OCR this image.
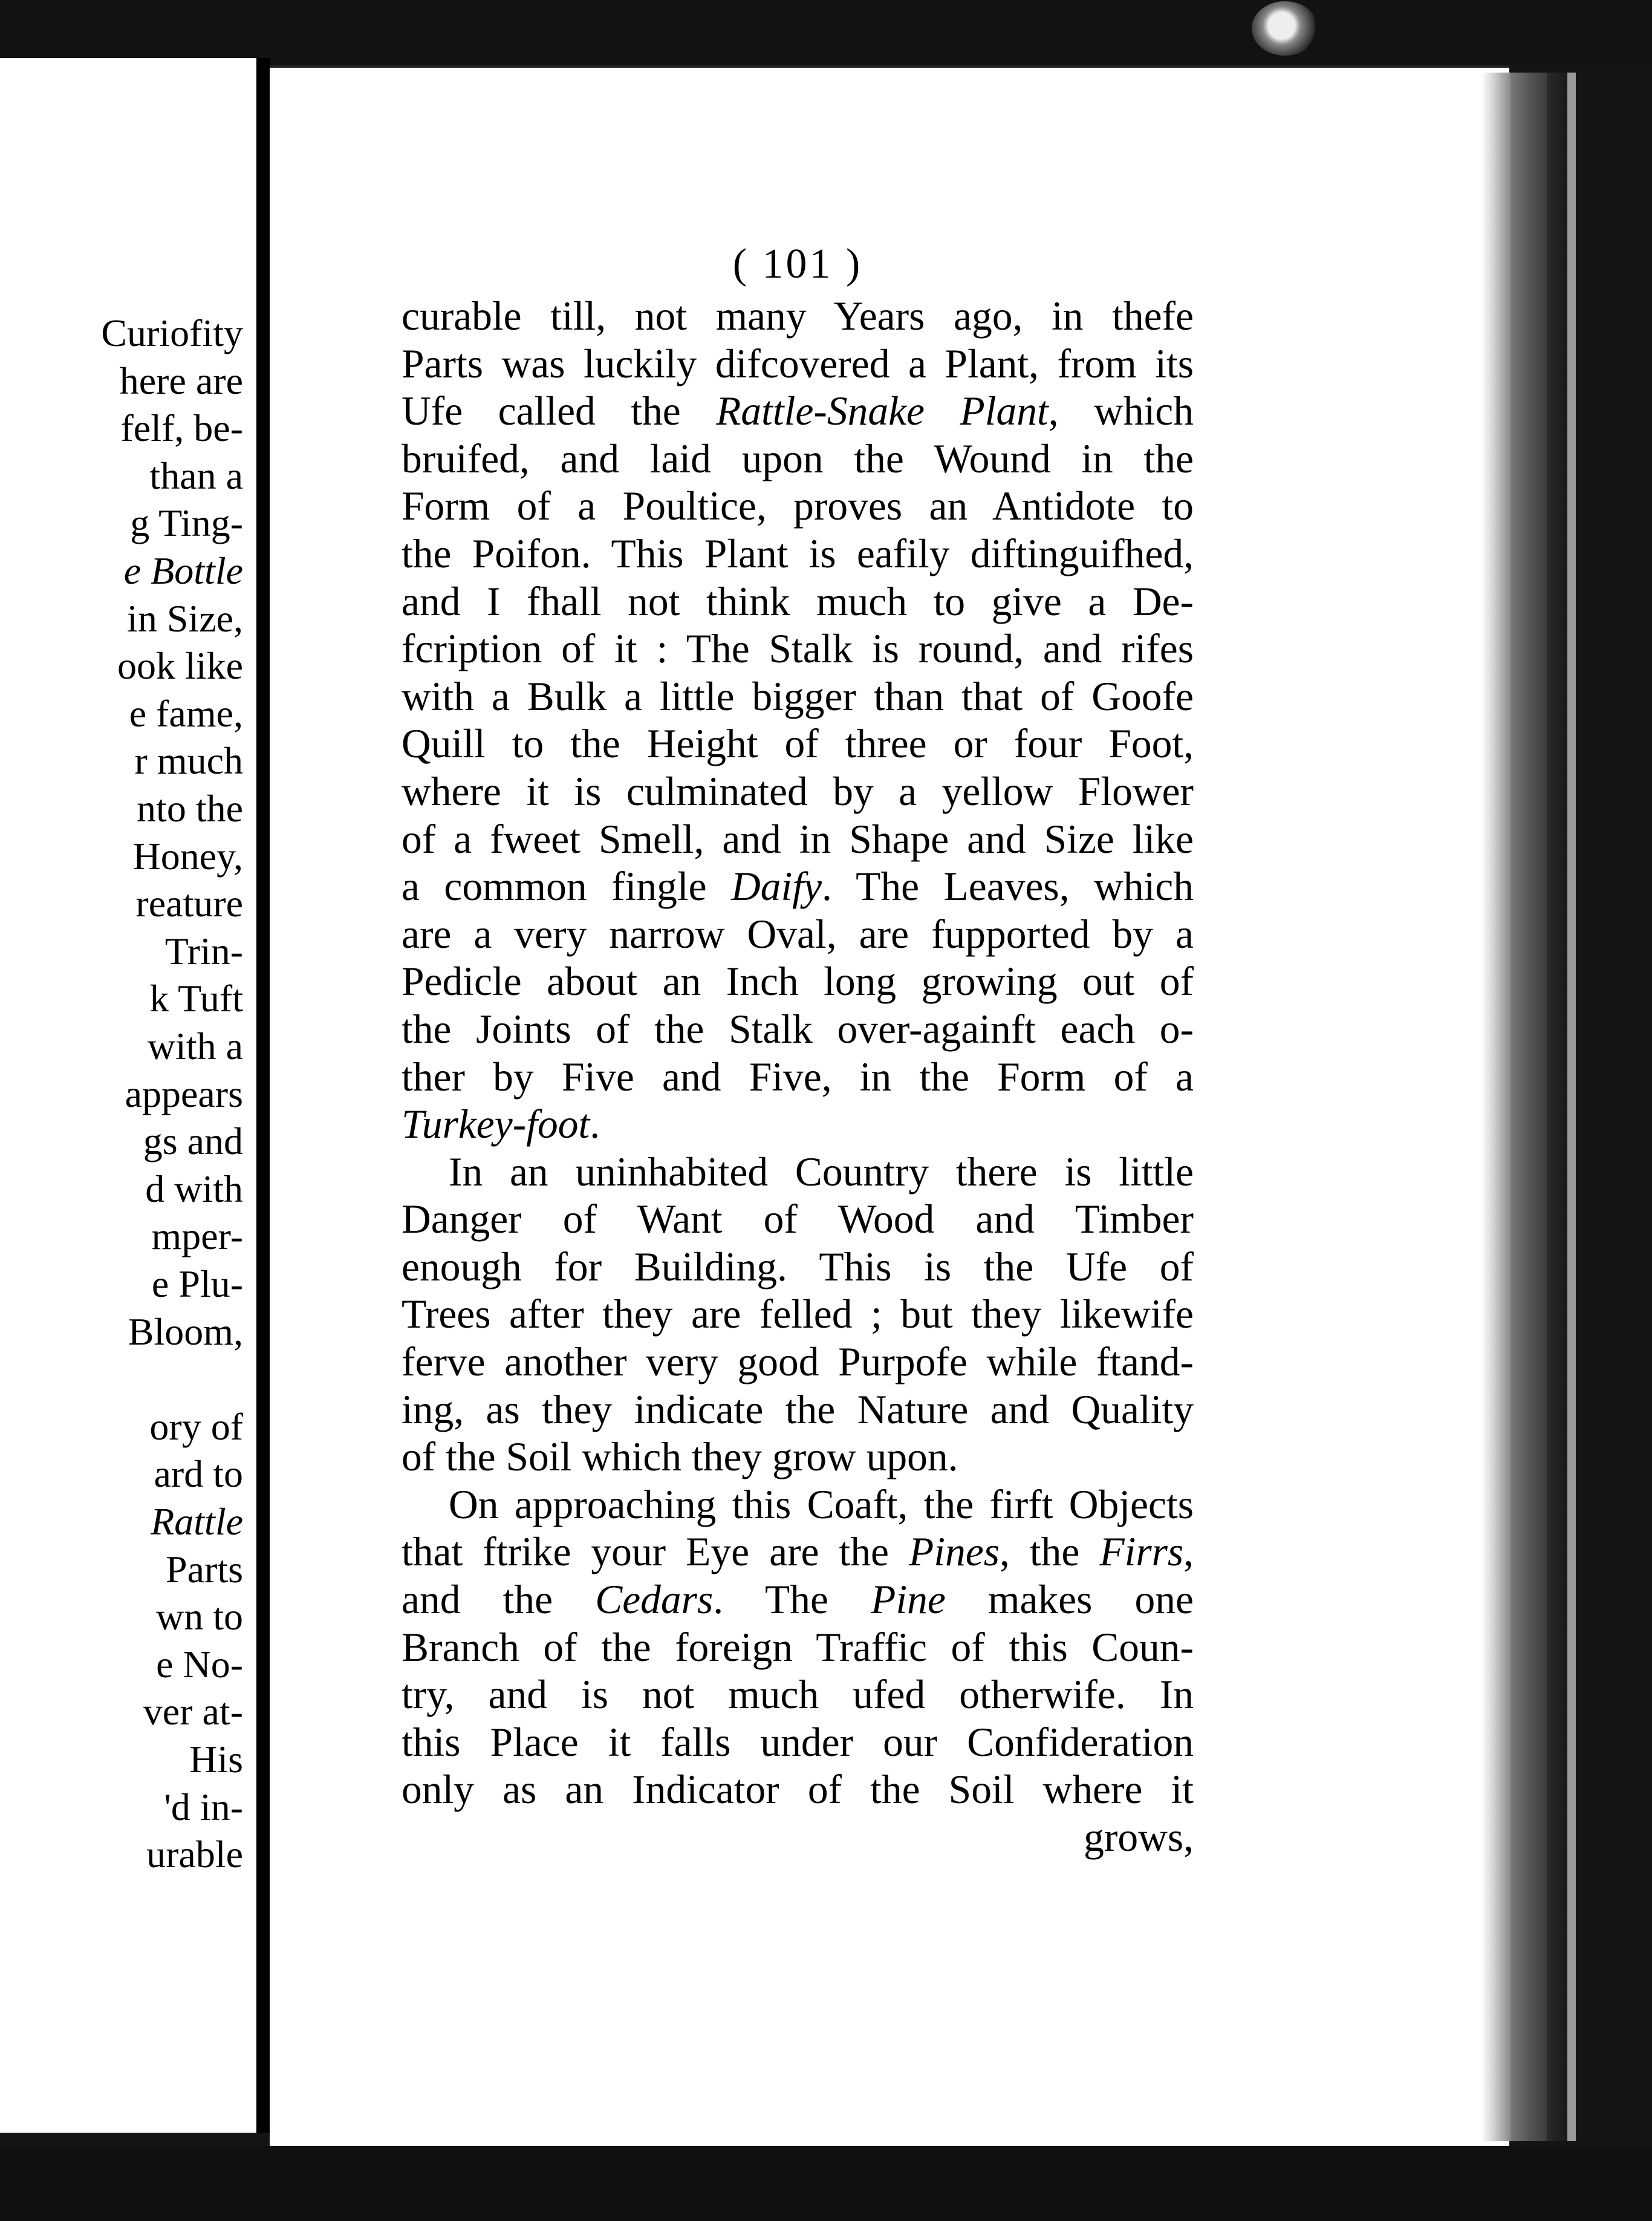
Curiofity
here are
felf, be-
than a
g Ting-
e Bottle
in Size,
ook like
e fame,
r much
nto the
Honey,
reature
Trin-
k Tuft
with a
appears
gs and
d with
mper-
e Plu-
Bloom,
ory of
ard to
Rattle
Parts
wn to
e No-
ver at-
His
'd in-
urable
( 101 )
curable till, not many Years ago, in thefe
Parts was luckily difcovered a Plant, from its
Ufe called the Rattle-Snake Plant, which
bruifed, and laid upon the Wound in the
Form of a Poultice, proves an Antidote to
the Poifon. This Plant is eafily diftinguifhed,
and I fhall not think much to give a De-
fcription of it : The Stalk is round, and rifes
with a Bulk a little bigger than that of Goofe
Quill to the Height of three or four Foot,
where it is culminated by a yellow Flower
of a fweet Smell, and in Shape and Size like
a common fingle Daify. The Leaves, which
are a very narrow Oval, are fupported by a
Pedicle about an Inch long growing out of
the Joints of the Stalk over-againft each o-
ther by Five and Five, in the Form of a
Turkey-foot.
In an uninhabited Country there is little
Danger of Want of Wood and Timber
enough for Building. This is the Ufe of
Trees after they are felled ; but they likewife
ferve another very good Purpofe while ftand-
ing, as they indicate the Nature and Quality
of the Soil which they grow upon.
On approaching this Coaft, the firft Objects
that ftrike your Eye are the Pines, the Firrs,
and the Cedars. The Pine makes one
Branch of the foreign Traffic of this Coun-
try, and is not much ufed otherwife. In
this Place it falls under our Confideration
only as an Indicator of the Soil where it
grows,
